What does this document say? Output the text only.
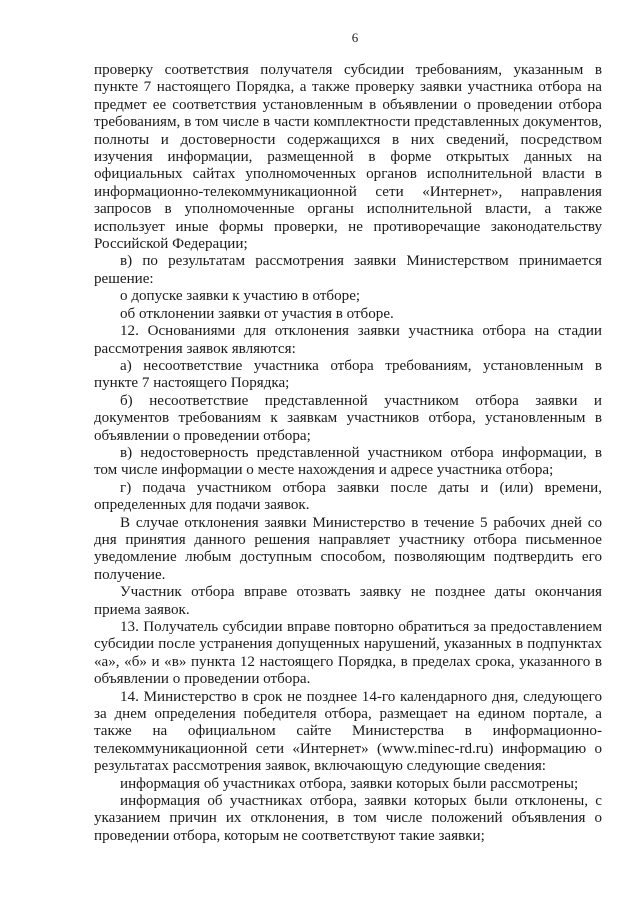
6

проверку соответствия получателя субсидии требованиям, указанным в пункте 7 настоящего Порядка, а также проверку заявки участника отбора на предмет ее соответствия установленным в объявлении о проведении отбора требованиям, в том числе в части комплектности представленных документов, полноты и достоверности содержащихся в них сведений, посредством изучения информации, размещенной в форме открытых данных на официальных сайтах уполномоченных органов исполнительной власти в информационно-телекоммуникационной сети «Интернет», направления запросов в уполномоченные органы исполнительной власти, а также использует иные формы проверки, не противоречащие законодательству Российской Федерации;

в) по результатам рассмотрения заявки Министерством принимается решение:

о допуске заявки к участию в отборе;

об отклонении заявки от участия в отборе.

12. Основаниями для отклонения заявки участника отбора на стадии рассмотрения заявок являются:

а) несоответствие участника отбора требованиям, установленным в пункте 7 настоящего Порядка;

б) несоответствие представленной участником отбора заявки и документов требованиям к заявкам участников отбора, установленным в объявлении о проведении отбора;

в) недостоверность представленной участником отбора информации, в том числе информации о месте нахождения и адресе участника отбора;

г) подача участником отбора заявки после даты и (или) времени, определенных для подачи заявок.

В случае отклонения заявки Министерство в течение 5 рабочих дней со дня принятия данного решения направляет участнику отбора письменное уведомление любым доступным способом, позволяющим подтвердить его получение.

Участник отбора вправе отозвать заявку не позднее даты окончания приема заявок.

13. Получатель субсидии вправе повторно обратиться за предоставлением субсидии после устранения допущенных нарушений, указанных в подпунктах «а», «б» и «в» пункта 12 настоящего Порядка, в пределах срока, указанного в объявлении о проведении отбора.

14. Министерство в срок не позднее 14-го календарного дня, следующего за днем определения победителя отбора, размещает на едином портале, а также на официальном сайте Министерства в информационно-телекоммуникационной сети «Интернет» (www.minec-rd.ru) информацию о результатах рассмотрения заявок, включающую следующие сведения:

информация об участниках отбора, заявки которых были рассмотрены;

информация об участниках отбора, заявки которых были отклонены, с указанием причин их отклонения, в том числе положений объявления о проведении отбора, которым не соответствуют такие заявки;
